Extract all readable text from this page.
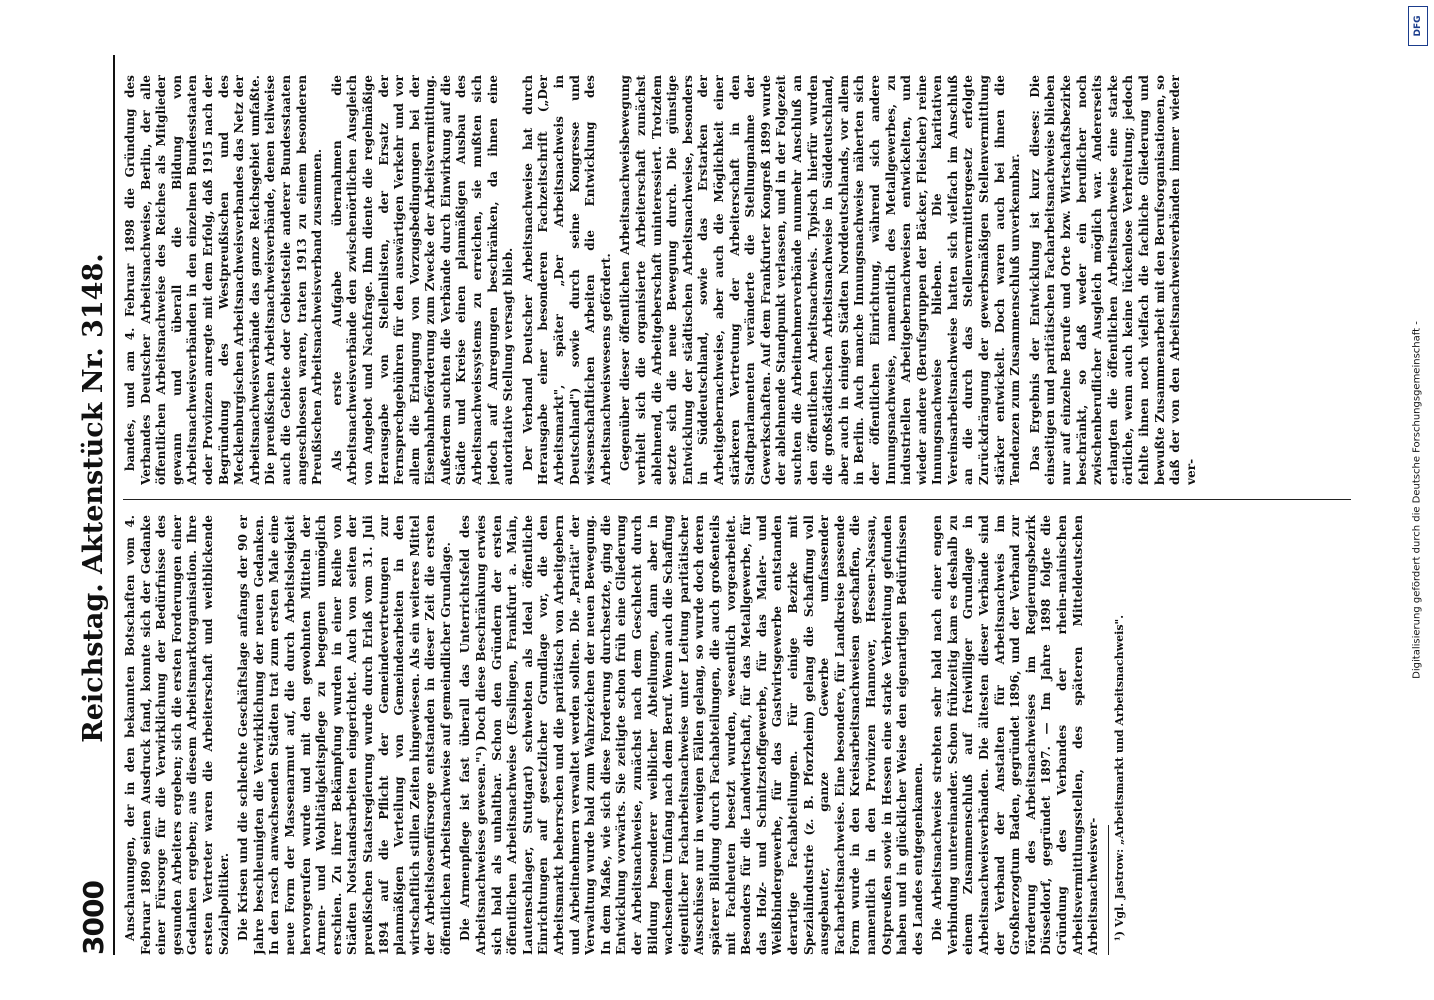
3000
Reichstag. Aktenstück Nr. 3148. Anschauungen, der in den bekannten Botschaften vom 4. Februar 1890 seinen Ausdruck fand, konnte sich der Gedanke einer Fürsorge für die Verwirklichung der Bedürfnisse des gesunden Arbeiters ergeben; sich die ersten Forderungen einer Gedanken ergeben; aus diesem Arbeitsmarktorganisation. Ihre ersten Vertreter waren die Arbeiterschaft und weitblickende Sozialpolitiker. Die Krisen und die schlechte Geschäftslage anfangs der 90 er Jahre beschleunigten die Verwirklichung der neuen Gedanken. In den rasch anwachsenden Städten trat zum ersten Male eine neue Form der Massenarmut auf, die durch Arbeitslosigkeit hervorgerufen wurde und mit den gewohnten Mitteln der Armen- und Wohltätigkeitspflege zu begegnen unmöglich erschien. Zu ihrer Bekämpfung wurden in einer Reihe von Städten Notstandsarbeiten eingerichtet. Auch von seiten der preußischen Staatsregierung wurde durch Erlaß vom 31. Juli 1894 auf die Pflicht der Gemeindevertretungen zur planmäßigen Verteilung von Gemeindearbeiten in den wirtschaftlich stillen Zeiten hingewiesen. Als ein weiteres Mittel der Arbeitslosenfürsorge entstanden in dieser Zeit die ersten öffentlichen Arbeitsnachweise auf gemeindlicher Grundlage. Die Armenpflege ist fast überall das Unterrichtsfeld des Arbeitsnachweises gewesen."¹) Doch diese Beschränkung erwies sich bald als unhaltbar. Schon den Gründern der ersten öffentlichen Arbeitsnachweise (Esslingen, Frankfurt a. Main, Lautenschlager, Stuttgart) schwebten als Ideal öffentliche Einrichtungen auf gesetzlicher Grundlage vor, die den Arbeitsmarkt beherrschen und die paritätisch von Arbeitgebern und Arbeitnehmern verwaltet werden sollten. Die „Parität" der Verwaltung wurde bald zum Wahrzeichen der neuen Bewegung. In dem Maße, wie sich diese Forderung durchsetzte, ging die Entwicklung vorwärts. Sie zeitigte schon früh eine Gliederung der Arbeitsnachweise, zunächst nach dem Geschlecht durch Bildung besonderer weiblicher Abteilungen, dann aber in wachsendem Umfang nach dem Beruf. Wenn auch die Schaffung eigentlicher Facharbeitsnachweise unter Leitung paritätischer Ausschüsse nur in wenigen Fällen gelang, so wurde doch deren späterer Bildung durch Fachabteilungen, die auch großenteils mit Fachleuten besetzt wurden, wesentlich vorgearbeitet. Besonders für die Landwirtschaft, für das Metallgewerbe, für das Holz- und Schnitzstoffgewerbe, für das Maler- und Weißbindergewerbe, für das Gastwirtsgewerbe entstanden derartige Fachabteilungen. Für einige Bezirke mit Spezialindustrie (z. B. Pforzheim) gelang die Schaffung voll ausgebauter, ganze Gewerbe umfassender Facharbeitsnachweise. Eine besondere, für Landkreise passende Form wurde in den Kreisarbeitsnachweisen geschaffen, die namentlich in den Provinzen Hannover, Hessen-Nassau, Ostpreußen sowie in Hessen eine starke Verbreitung gefunden haben und in glücklicher Weise den eigenartigen Bedürfnissen des Landes entgegenkamen. Die Arbeitsnachweise strebten sehr bald nach einer engen Verbindung untereinander. Schon frühzeitig kam es deshalb zu einem Zusammenschluß auf freiwilliger Grundlage in Arbeitsnachweisverbänden. Die ältesten dieser Verbände sind der Verband der Anstalten für Arbeitsnachweis im Großherzogtum Baden, gegründet 1896, und der Verband zur Förderung des Arbeitsnachweises im Regierungsbezirk Düsseldorf, gegründet 1897. — Im Jahre 1898 folgte die Gründung des Verbandes der rhein-mainischen Arbeitsvermittlungsstellen, des späteren Mitteldeutschen Arbeitsnachweisver- ¹) Vgl. Jastrow: „Arbeitsmarkt und Arbeitsnachweis".

bandes, und am 4. Februar 1898 die Gründung des Verbandes Deutscher Arbeitsnachweise, Berlin, der alle öffentlichen Arbeitsnachweise des Reiches als Mitglieder gewann und überall die Bildung von Arbeitsnachweisverbänden in den einzelnen Bundesstaaten oder Provinzen anregte mit dem Erfolg, daß 1915 nach der Begründung des Westpreußischen und des Mecklenburgischen Arbeitsnachweisverbandes das Netz der Arbeitsnachweisverbände das ganze Reichsgebiet umfaßte. Die preußischen Arbeitsnachweisverbände, denen teilweise auch die Gebiete oder Gebietsteile anderer Bundesstaaten angeschlossen waren, traten 1913 zu einem besonderen Preußischen Arbeitsnachweisverband zusammen. Als erste Aufgabe übernahmen die Arbeitsnachweisverbände den zwischenörtlichen Ausgleich von Angebot und Nachfrage. Ihm diente die regelmäßige Herausgabe von Stellenlisten, der Ersatz der Fernsprechgebühren für den auswärtigen Verkehr und vor allem die Erlangung von Vorzugsbedingungen bei der Eisenbahnbeförderung zum Zwecke der Arbeitsvermittlung. Außerdem suchten die Verbände durch Einwirkung auf die Städte und Kreise einen planmäßigen Ausbau des Arbeitsnachweissystems zu erreichen, sie mußten sich jedoch auf Anregungen beschränken, da ihnen eine autoritative Stellung versagt blieb. Der Verband Deutscher Arbeitsnachweise hat durch Herausgabe einer besonderen Fachzeitschrift („Der Arbeitsmarkt", später „Der Arbeitsnachweis in Deutschland") sowie durch seine Kongresse und wissenschaftlichen Arbeiten die Entwicklung des Arbeitsnachweiswesens gefördert. Gegenüber dieser öffentlichen Arbeitsnachweisbewegung verhielt sich die organisierte Arbeiterschaft zunächst ablehnend, die Arbeitgeberschaft uninteressiert. Trotzdem setzte sich die neue Bewegung durch. Die günstige Entwicklung der städtischen Arbeitsnachweise, besonders in Süddeutschland, sowie das Erstarken der Arbeitgebernachweise, aber auch die Möglichkeit einer stärkeren Vertretung der Arbeiterschaft in den Stadtparlamenten veränderte die Stellungnahme der Gewerkschaften. Auf dem Frankfurter Kongreß 1899 wurde der ablehnende Standpunkt verlassen, und in der Folgezeit suchten die Arbeitnehmerverbände nunmehr Anschluß an den öffentlichen Arbeitsnachweis. Typisch hierfür wurden die großstädtischen Arbeitsnachweise in Süddeutschland, aber auch in einigen Städten Norddeutschlands, vor allem in Berlin. Auch manche Innungsnachweise näherten sich der öffentlichen Einrichtung, während sich andere Innungsnachweise, namentlich des Metallgewerbes, zu industriellen Arbeitgebernachweisen entwickelten, und wieder andere (Berufsgruppen der Bäcker, Fleischer) reine Innungsnachweise blieben. Die karitativen Vereinsarbeitsnachweise hatten sich vielfach im Anschluß an die durch das Stellenvermittlergesetz erfolgte Zurückdrängung der gewerbsmäßigen Stellenvermittlung stärker entwickelt. Doch waren auch bei ihnen die Tendenzen zum Zusammenschluß unverkennbar. Das Ergebnis der Entwicklung ist kurz dieses: Die einseitigen und paritätischen Facharbeitsnachweise blieben nur auf einzelne Berufe und Orte bzw. Wirtschaftsbezirke beschränkt, so daß weder ein beruflicher noch zwischenberuflicher Ausgleich möglich war. Andererseits erlangten die öffentlichen Arbeitsnachweise eine starke örtliche, wenn auch keine lückenlose Verbreitung; jedoch fehlte ihnen noch vielfach die fachliche Gliederung und bewußte Zusammenarbeit mit den Berufsorganisationen, so daß der von den Arbeitsnachweisverbänden immer wieder ver-

DFG
Digitalisierung gefördert durch die Deutsche Forschungsgemeinschaft -
